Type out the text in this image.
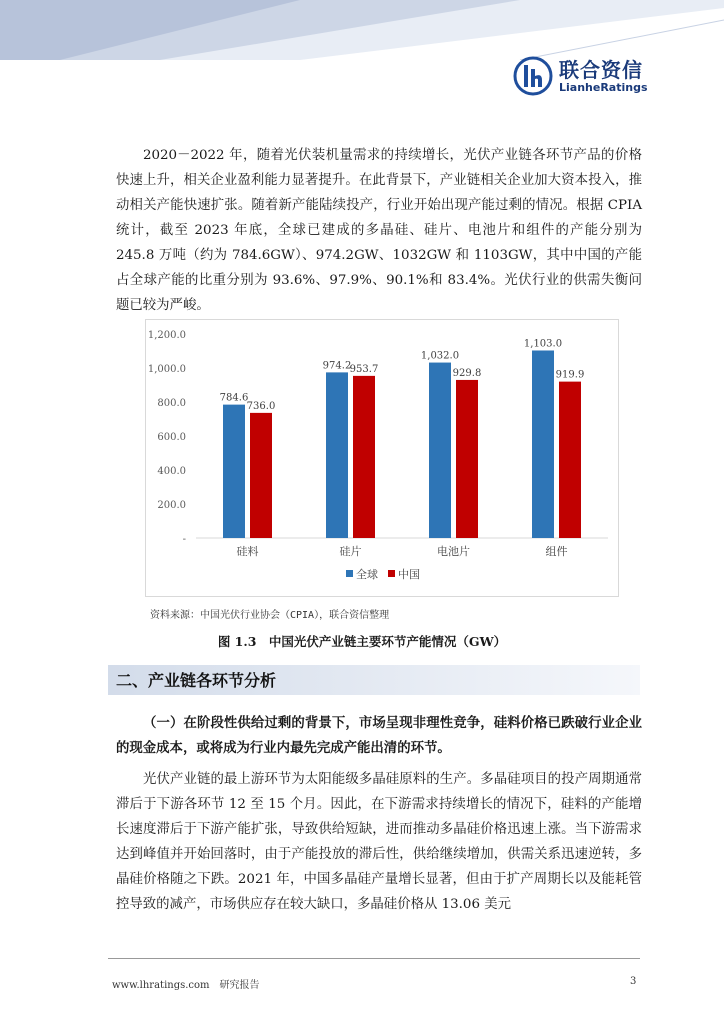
联合资信
LianheRatings

2020－2022 年，随着光伏装机量需求的持续增长，光伏产业链各环节产品的价格快速上升，相关企业盈利能力显著提升。在此背景下，产业链相关企业加大资本投入，推动相关产能快速扩张。随着新产能陆续投产，行业开始出现产能过剩的情况。根据 CPIA 统计，截至 2023 年底，全球已建成的多晶硅、硅片、电池片和组件的产能分别为 245.8 万吨（约为 784.6GW）、974.2GW、1032GW 和 1103GW，其中中国的产能占全球产能的比重分别为 93.6%、97.9%、90.1%和 83.4%。光伏行业的供需失衡问题已较为严峻。

-
200.0
400.0
600.0
800.0
1,000.0
1,200.0
784.6
736.0
硅料
974.2
953.7
硅片
1,032.0
929.8
电池片
1,103.0
919.9
组件
全球 中国
资料来源：中国光伏行业协会（CPIA），联合资信整理
图 1.3　中国光伏产业链主要环节产能情况（GW）
二、产业链各环节分析

（一）在阶段性供给过剩的背景下，市场呈现非理性竞争，硅料价格已跌破行业企业的现金成本，或将成为行业内最先完成产能出清的环节。

光伏产业链的最上游环节为太阳能级多晶硅原料的生产。多晶硅项目的投产周期通常滞后于下游各环节 12 至 15 个月。因此，在下游需求持续增长的情况下，硅料的产能增长速度滞后于下游产能扩张，导致供给短缺，进而推动多晶硅价格迅速上涨。当下游需求达到峰值并开始回落时，由于产能投放的滞后性，供给继续增加，供需关系迅速逆转，多晶硅价格随之下跌。2021 年，中国多晶硅产量增长显著，但由于扩产周期长以及能耗管控导致的减产，市场供应存在较大缺口，多晶硅价格从 13.06 美元

www.lhratings.com　研究报告	3
